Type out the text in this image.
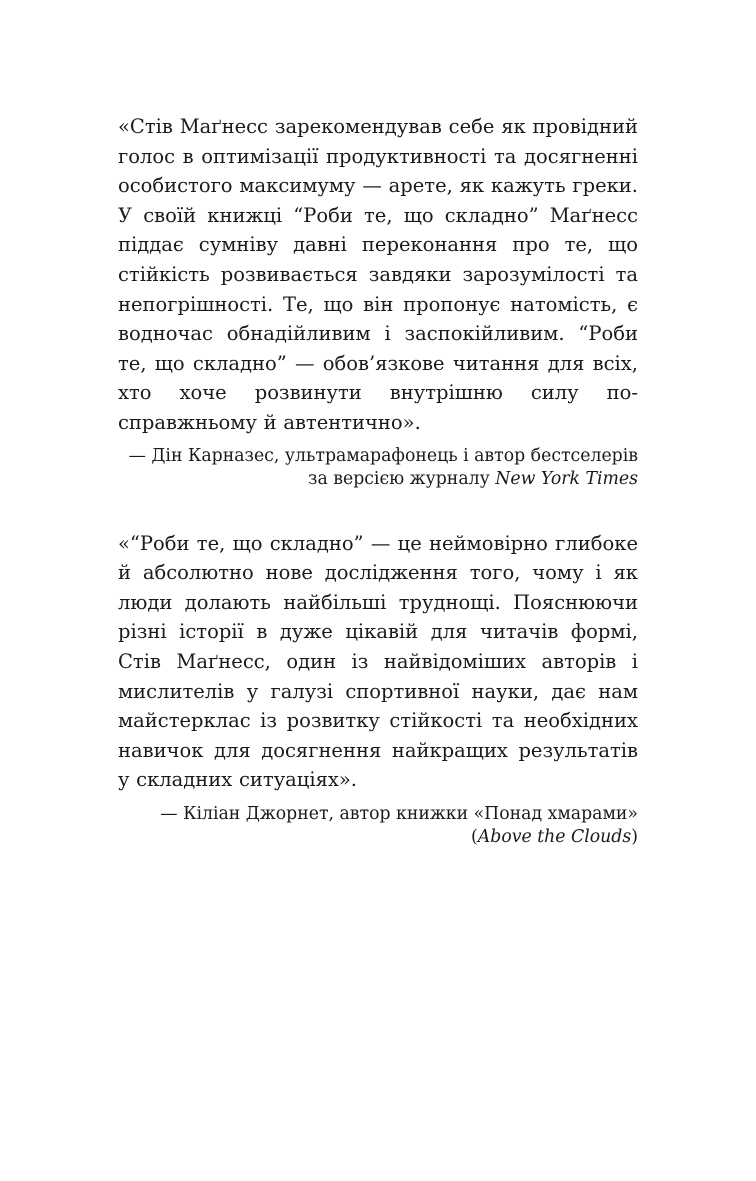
«Стів Маґнесс зарекомендував себе як провідний голос в оптимізації продуктивності та досягненні особистого максимуму — арете, як кажуть греки. У своїй книжці “Роби те, що складно” Маґнесс піддає сумніву давні переконання про те, що стійкість розвивається завдяки зарозумілості та непогрішності. Те, що він пропонує натомість, є водночас обнадійливим і заспокійливим. “Роби те, що складно” — обов’язкове читання для всіх, хто хоче розвинути внутрішню силу по-справжньому й автентично».

— Дін Карназес, ультрамарафонець і автор бестселерів
за версією журналу New York Times

«“Роби те, що складно” — це неймовірно глибоке й абсолютно нове дослідження того, чому і як люди долають найбільші труднощі. Пояснюючи різні історії в дуже цікавій для читачів формі, Стів Маґнесс, один із найвідоміших авторів і мислителів у галузі спортивної науки, дає нам майстерклас із розвитку стійкості та необхідних навичок для досягнення найкращих результатів у складних ситуаціях».

— Кіліан Джорнет, автор книжки «Понад хмарами»
(Above the Clouds)
